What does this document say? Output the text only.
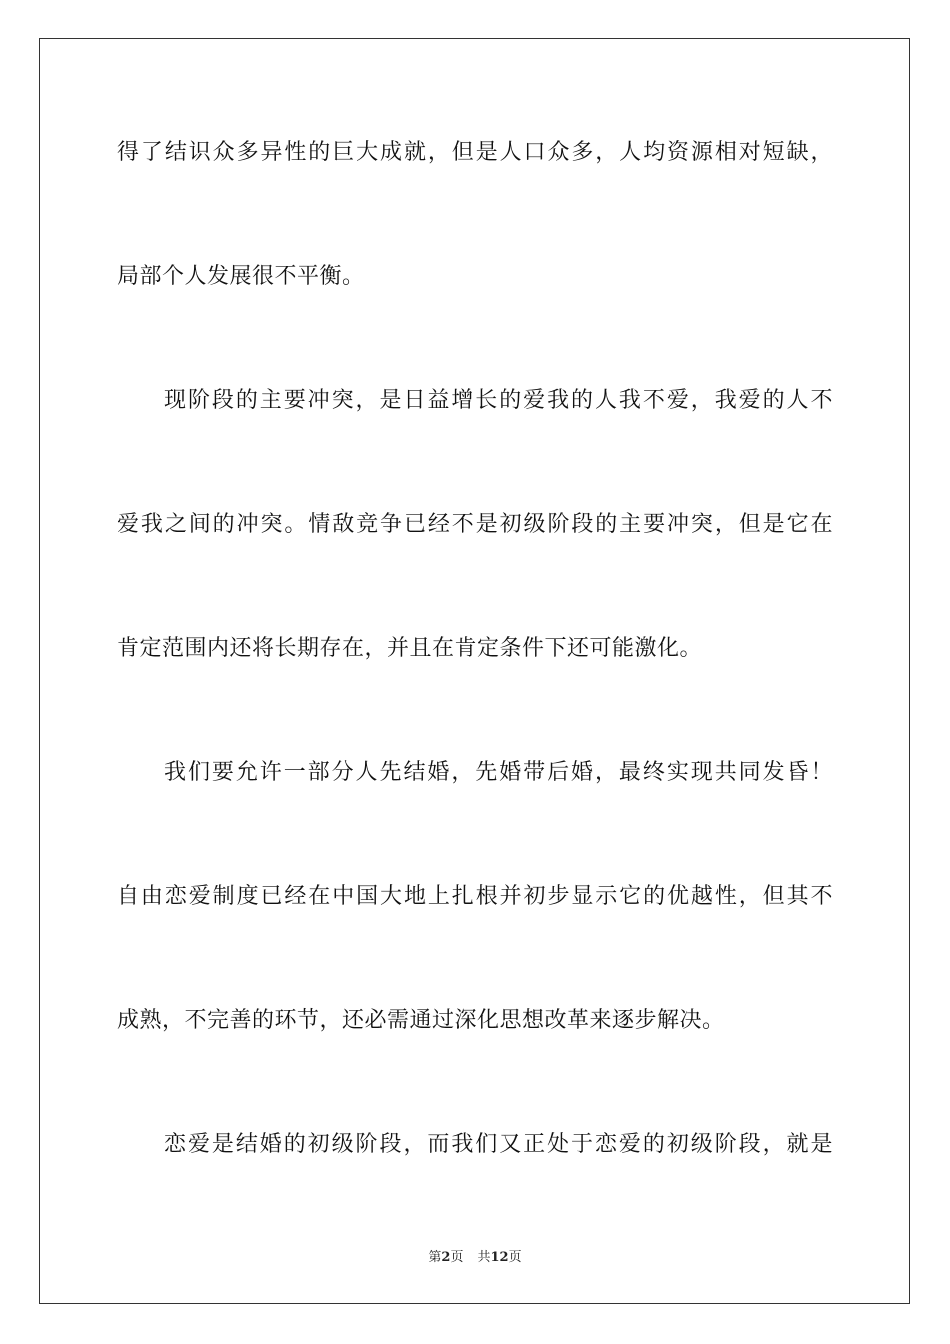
得了结识众多异性的巨大成就，但是人口众多，人均资源相对短缺，
局部个人发展很不平衡。
现阶段的主要冲突，是日益增长的爱我的人我不爱，我爱的人不
爱我之间的冲突。情敌竞争已经不是初级阶段的主要冲突，但是它在
肯定范围内还将长期存在，并且在肯定条件下还可能激化。
我们要允许一部分人先结婚，先婚带后婚，最终实现共同发昏！
自由恋爱制度已经在中国大地上扎根并初步显示它的优越性，但其不
成熟，不完善的环节，还必需通过深化思想改革来逐步解决。
恋爱是结婚的初级阶段，而我们又正处于恋爱的初级阶段，就是
第2页 共12页
